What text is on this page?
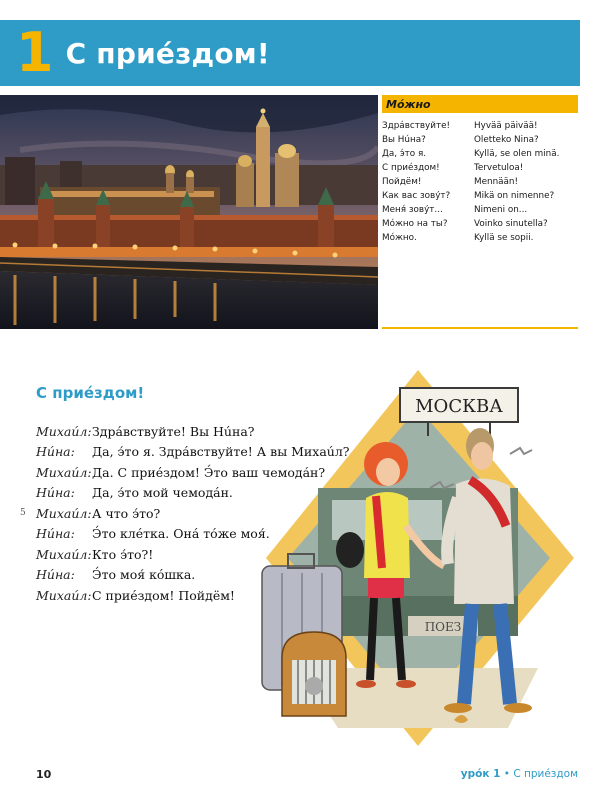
1 С приéздом!
Мóжно
Здрáвствуйте!	Hyvää päivää!
Вы Нúна?	Oletteko Nina?
Да, э́то я.	Kyllä, se olen minä.
С приéздом!	Tervetuloa!
Пойдём!	Mennään!
Как вас зовýт?	Mikä on nimenne?
Меня́ зовýт...	Nimeni on...
Мóжно на ты?	Voinko sinutella?
Мóжно.	Kyllä se sopii.
С приéздом!
Михаúл: Здрáвствуйте! Вы Нúна?
Нúна:	Да, э́то я. Здрáвствуйте! А вы Михаúл?
Михаúл: Да. С приéздом! Э́то ваш чемодáн?
Нúна:	Да, э́то мой чемодáн.
5 Михаúл: А что э́то?
Нúна:	Э́то клéтка. Онá тóже моя́.
Михаúл: Кто э́то?!
Нúна:	Э́то моя́ кóшка.
Михаúл: С приéздом! Пойдём!
ПОЕЗ
МОСКВА
10	урóк 1 • С приéздом
